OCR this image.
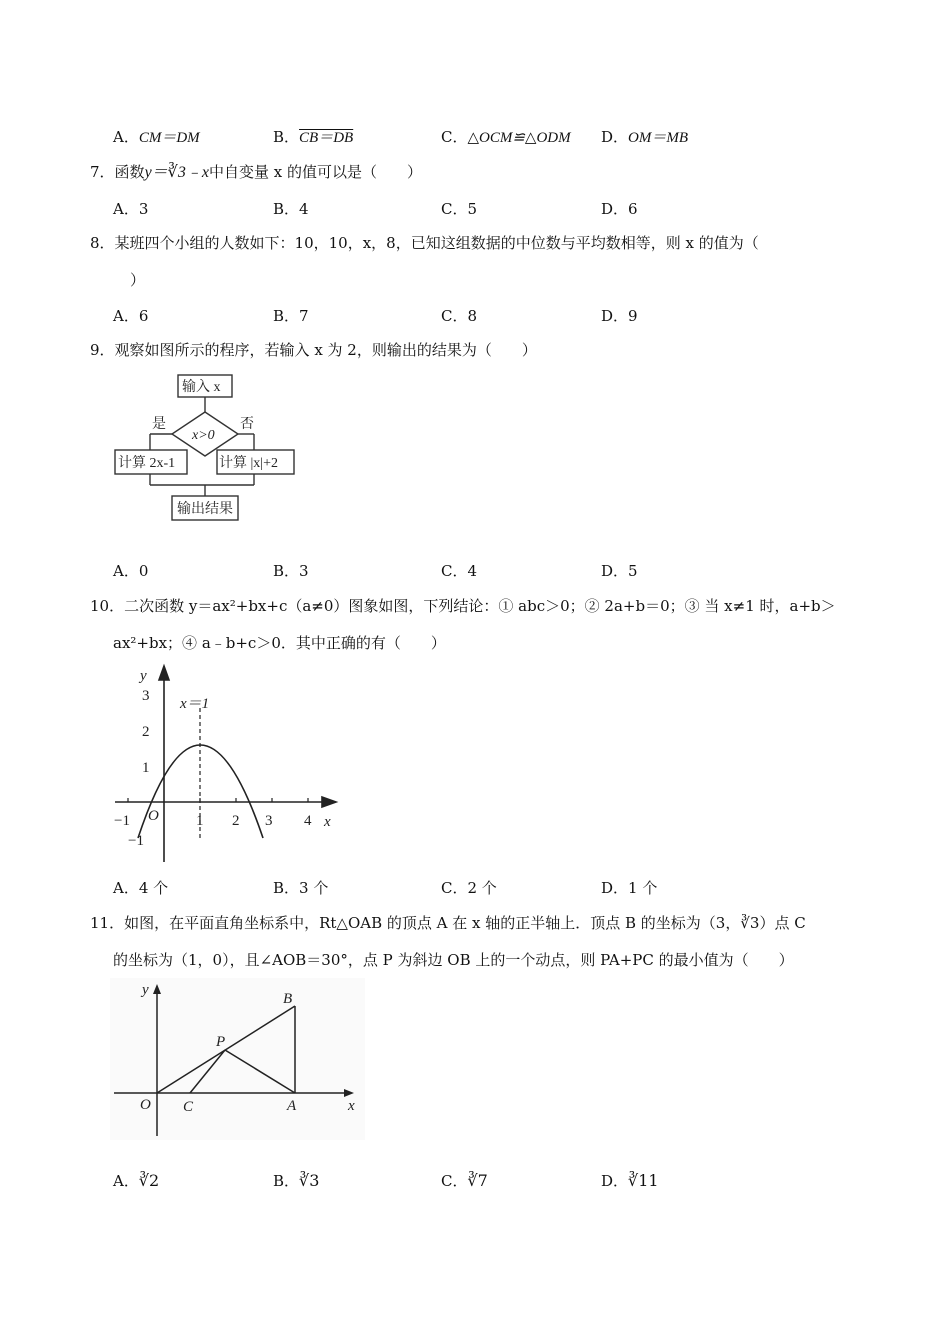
A．CM＝DM	B．CB＝DB	C．△OCM≌△ODM D．OM＝MB
7．函数y＝∛3﹣x中自变量 x 的值可以是（　　）
A．3	B．4	C．5	D．6
8．某班四个小组的人数如下：10，10，x，8，已知这组数据的中位数与平均数相等，则 x 的值为（
）
A．6	B．7	C．8	D．9
9．观察如图所示的程序，若输入 x 为 2，则输出的结果为（　　）
输入 x
x>0
是	否
计算 2x-1	计算 |x|+2
输出结果
A．0	B．3	C．4	D．5
10．二次函数 y＝ax²+bx+c（a≠0）图象如图，下列结论：① abc＞0；② 2a+b＝0；③ 当 x≠1 时，a+b＞
ax²+bx；④ a﹣b+c＞0．其中正确的有（　　）
y
x
O
x＝1
−1	1 2 3 4
3
2
1
−1
A．4 个	B．3 个	C．2 个	D．1 个
11．如图，在平面直角坐标系中，Rt△OAB 的顶点 A 在 x 轴的正半轴上．顶点 B 的坐标为（3，∛3）点 C
的坐标为（1，0），且∠AOB＝30°，点 P 为斜边 OB 上的一个动点，则 PA+PC 的最小值为（　　）
y
x
O C	A
B
P
A．∛2	B．∛3	C．∛7	D．∛11
